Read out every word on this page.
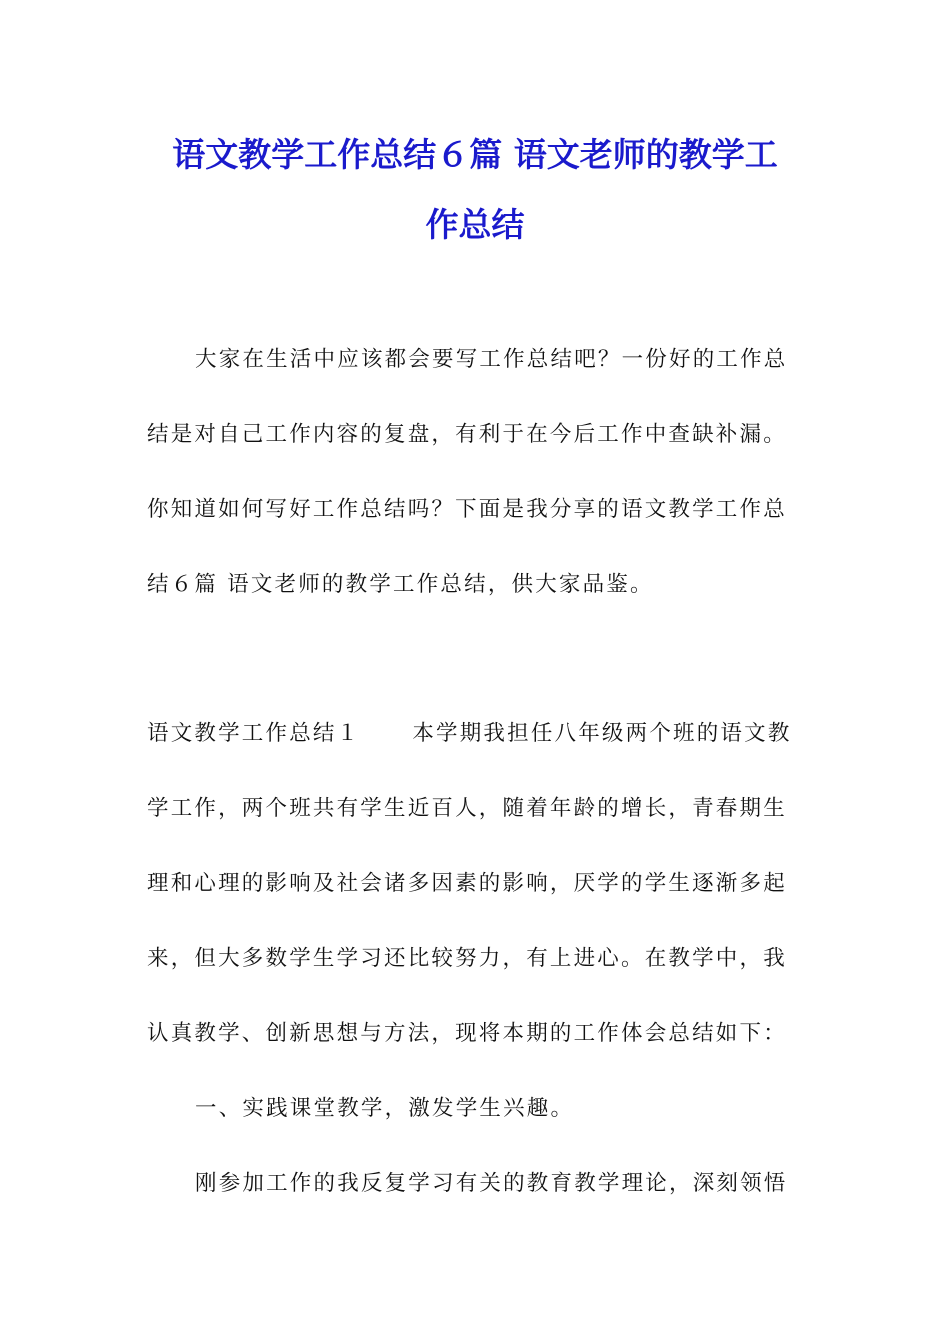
语文教学工作总结６篇 语文老师的教学工
作总结
大家在生活中应该都会要写工作总结吧？一份好的工作总
结是对自己工作内容的复盘，有利于在今后工作中查缺补漏。
你知道如何写好工作总结吗？下面是我分享的语文教学工作总
结６篇 语文老师的教学工作总结，供大家品鉴。
语文教学工作总结１ 本学期我担任八年级两个班的语文教
学工作，两个班共有学生近百人，随着年龄的增长，青春期生
理和心理的影响及社会诸多因素的影响，厌学的学生逐渐多起
来，但大多数学生学习还比较努力，有上进心。在教学中，我
认真教学、创新思想与方法，现将本期的工作体会总结如下：
一、实践课堂教学，激发学生兴趣。
刚参加工作的我反复学习有关的教育教学理论，深刻领悟
